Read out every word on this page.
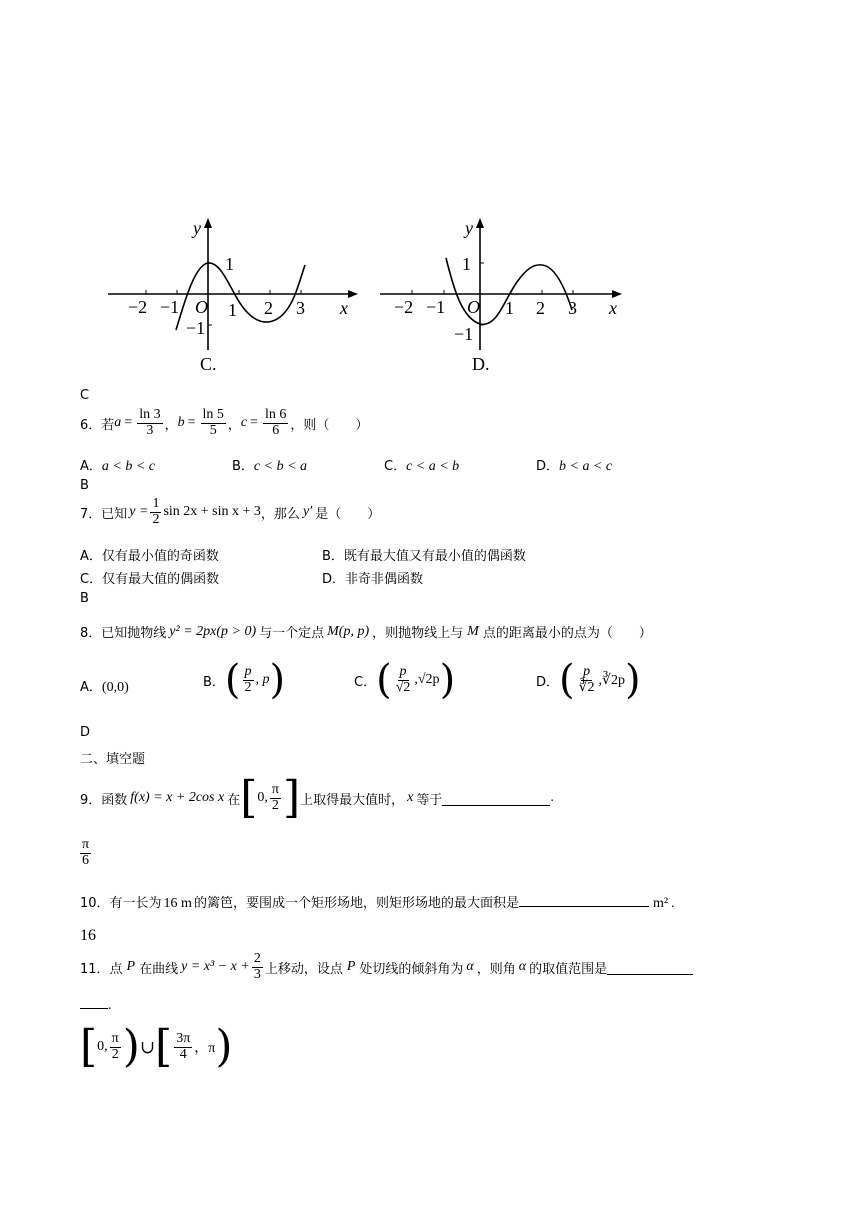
y
x
O
−2 −1	1 2 3
1
−1
C.
y
x
O
−2 −1	1 2 3
1
−1
D.
C
6．若 $a = \frac{\ln 3}{3}$ ， $b = \frac{\ln 5}{5}$ ， $c = \frac{\ln 6}{6}$ ，则（　　）
A．a < b < c	B．c < b < a	C．c < a < b	D．b < a < c
B
7．已知 $y = \frac{1}{2}$ sin 2x + sin x + 3 ，那么 y′ 是（　　）
A．仅有最小值的奇函数	B．既有最大值又有最小值的偶函数
C．仅有最大值的偶函数	D．非奇非偶函数
B
8．已知抛物线 y² = 2px(p > 0) 与一个定点 M(p, p) ，则抛物线上与 M 点的距离最小的点为（　　）
A．(0,0)	B． ( $\frac{p}{2}$ , p )	C． ( $\frac{p}{√2} ,√2p$ )	D． ( $\frac{p}{∛2}$ ,∛2p )
D
二、填空题
9．函数 f(x) = x + 2cos x 在 [ 0, $\frac{\pi}{2}$ ] 上取得最大值时， x 等于	.
$\frac{\pi}{6}$
10．有一长为 16 m 的篱笆，要围成一个矩形场地，则矩形场地的最大面积是	m² .
16
11．点 P 在曲线 $y = x^3 - x + \frac{2}{3}$ 上移动，设点 P 处切线的倾斜角为 α ，则角 α 的取值范围是
.
[ 0, $\frac{\pi}{2}$ ) ∪ [ $\frac{3\pi}{4}$ ，π )
